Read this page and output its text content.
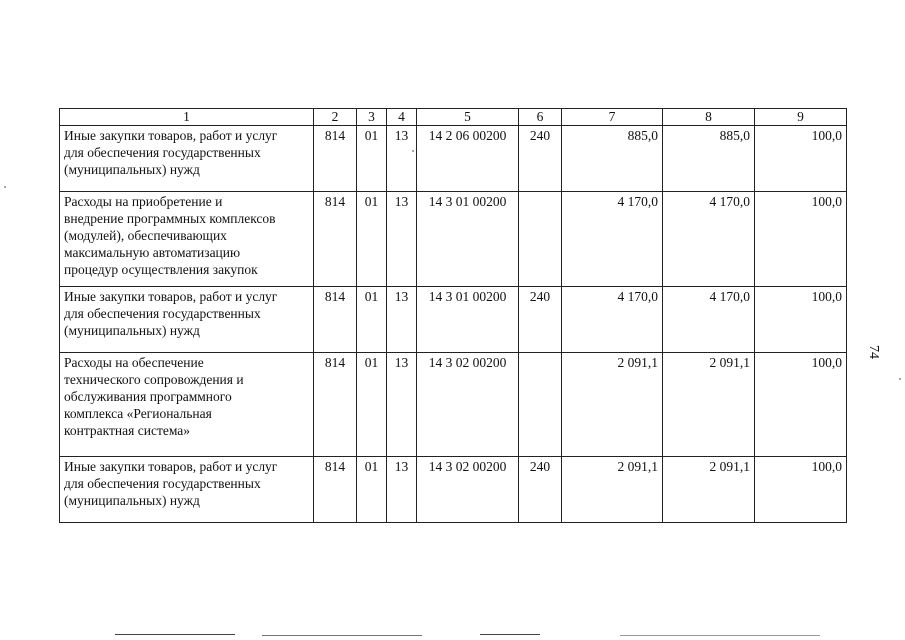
1	2	3	4	5	6	7	8	9

Иные закупки товаров, работ и услуг
для обеспечения государственных
(муниципальных) нужд	814	01	13	14 2 06 00200	240	885,0	885,0	100,0

Расходы на приобретение и
внедрение программных комплексов
(модулей), обеспечивающих
максимальную автоматизацию
процедур осуществления закупок	814	01	13	14 3 01 00200		4 170,0	4 170,0	100,0

Иные закупки товаров, работ и услуг
для обеспечения государственных
(муниципальных) нужд	814	01	13	14 3 01 00200	240	4 170,0	4 170,0	100,0

Расходы на обеспечение
технического сопровождения и
обслуживания программного
комплекса «Региональная
контрактная система»	814	01	13	14 3 02 00200		2 091,1	2 091,1	100,0

Иные закупки товаров, работ и услуг
для обеспечения государственных
(муниципальных) нужд	814	01	13	14 3 02 00200	240	2 091,1	2 091,1	100,0
74
